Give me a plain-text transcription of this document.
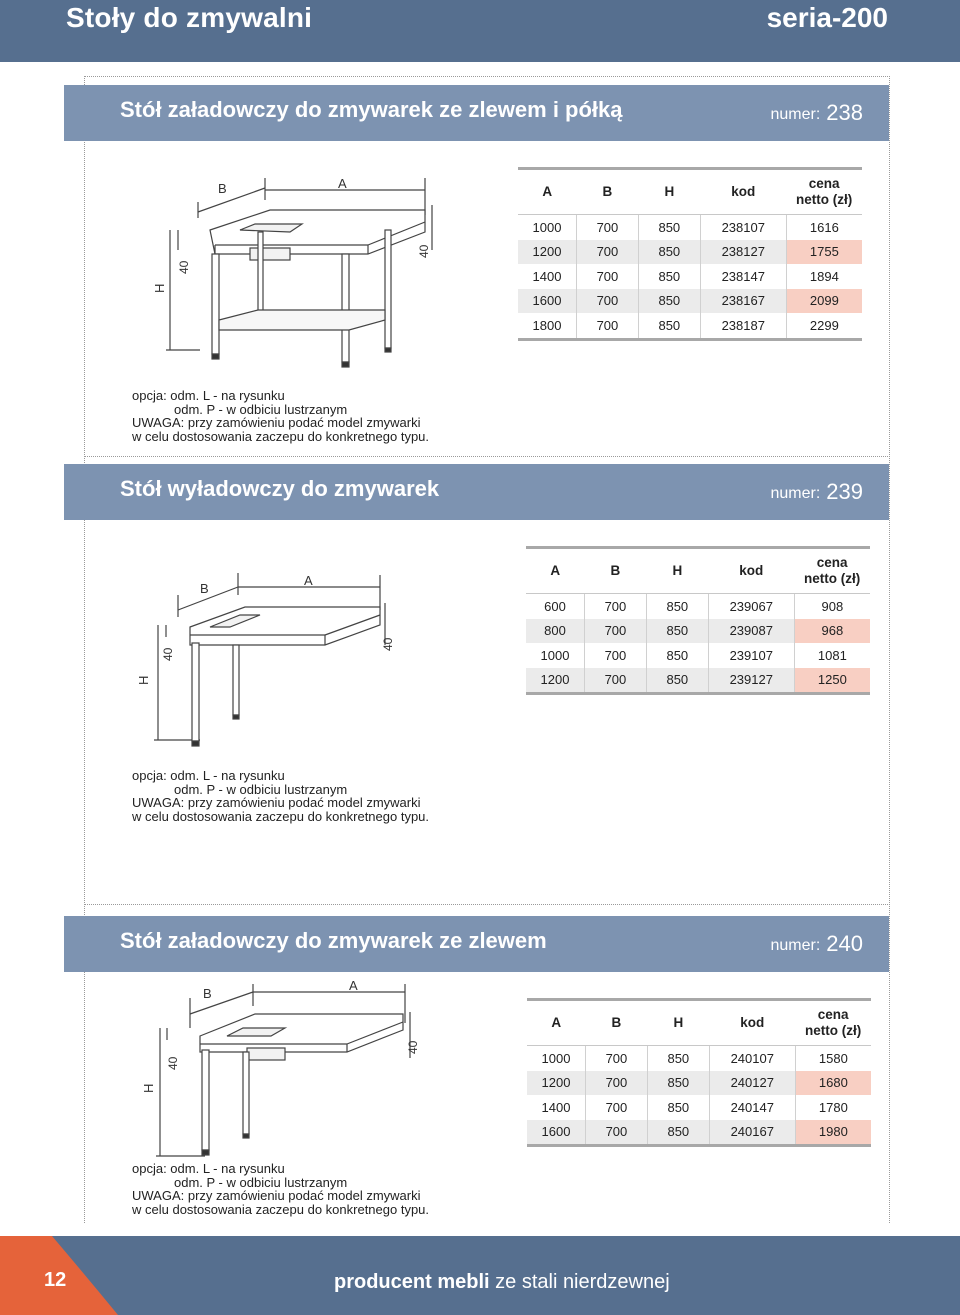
Stoły do zmywalni	seria-200
Stół załadowczy do zmywarek ze zlewem i półką	numer: 238
B	A
H
40
40
A	B	H	kod	cena
netto (zł)
1000	700	850	238107	1616
1200	700	850	238127	1755
1400	700	850	238147	1894
1600	700	850	238167	2099
1800	700	850	238187	2299
opcja: odm. L - na rysunku
odm. P - w odbiciu lustrzanym
UWAGA: przy zamówieniu podać model zmywarki
w celu dostosowania zaczepu do konkretnego typu.
Stół wyładowczy do zmywarek	numer: 239
B
A
H
40
40
A	B	H	kod	cena
netto (zł)
600	700	850	239067	908
800	700	850	239087	968
1000	700	850	239107	1081
1200	700	850	239127	1250
opcja: odm. L - na rysunku
odm. P - w odbiciu lustrzanym
UWAGA: przy zamówieniu podać model zmywarki
w celu dostosowania zaczepu do konkretnego typu.
Stół załadowczy do zmywarek ze zlewem	numer: 240
B
A
H
40
40
A	B	H	kod	cena
netto (zł)
1000	700	850	240107	1580
1200	700	850	240127	1680
1400	700	850	240147	1780
1600	700	850	240167	1980
opcja: odm. L - na rysunku
odm. P - w odbiciu lustrzanym
UWAGA: przy zamówieniu podać model zmywarki
w celu dostosowania zaczepu do konkretnego typu.
12	producent mebli ze stali nierdzewnej
